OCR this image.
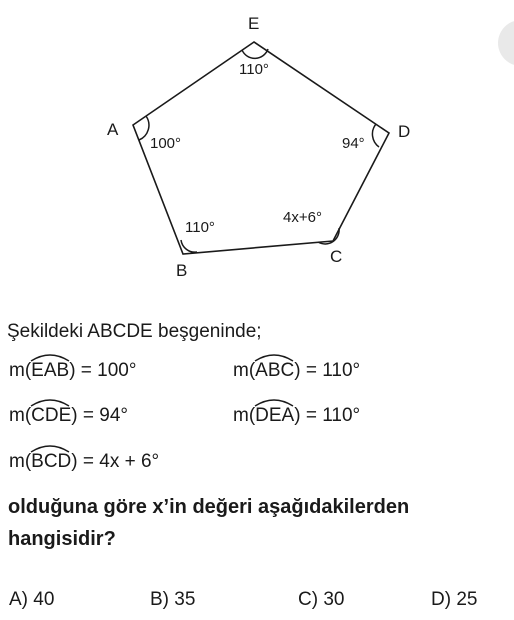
E
A	D
B
C
110°
100°	94°
110°
4x+6°
Şekildeki ABCDE beşgeninde;
m(
EAB) = 100°	m(
ABC) = 110°
m(
CDE) = 94°	m(
DEA) = 110°
m(
BCD) = 4x + 6°
olduğuna göre x’in değeri aşağıdakilerden
hangisidir?
A) 40	B) 35	C) 30	D) 25
